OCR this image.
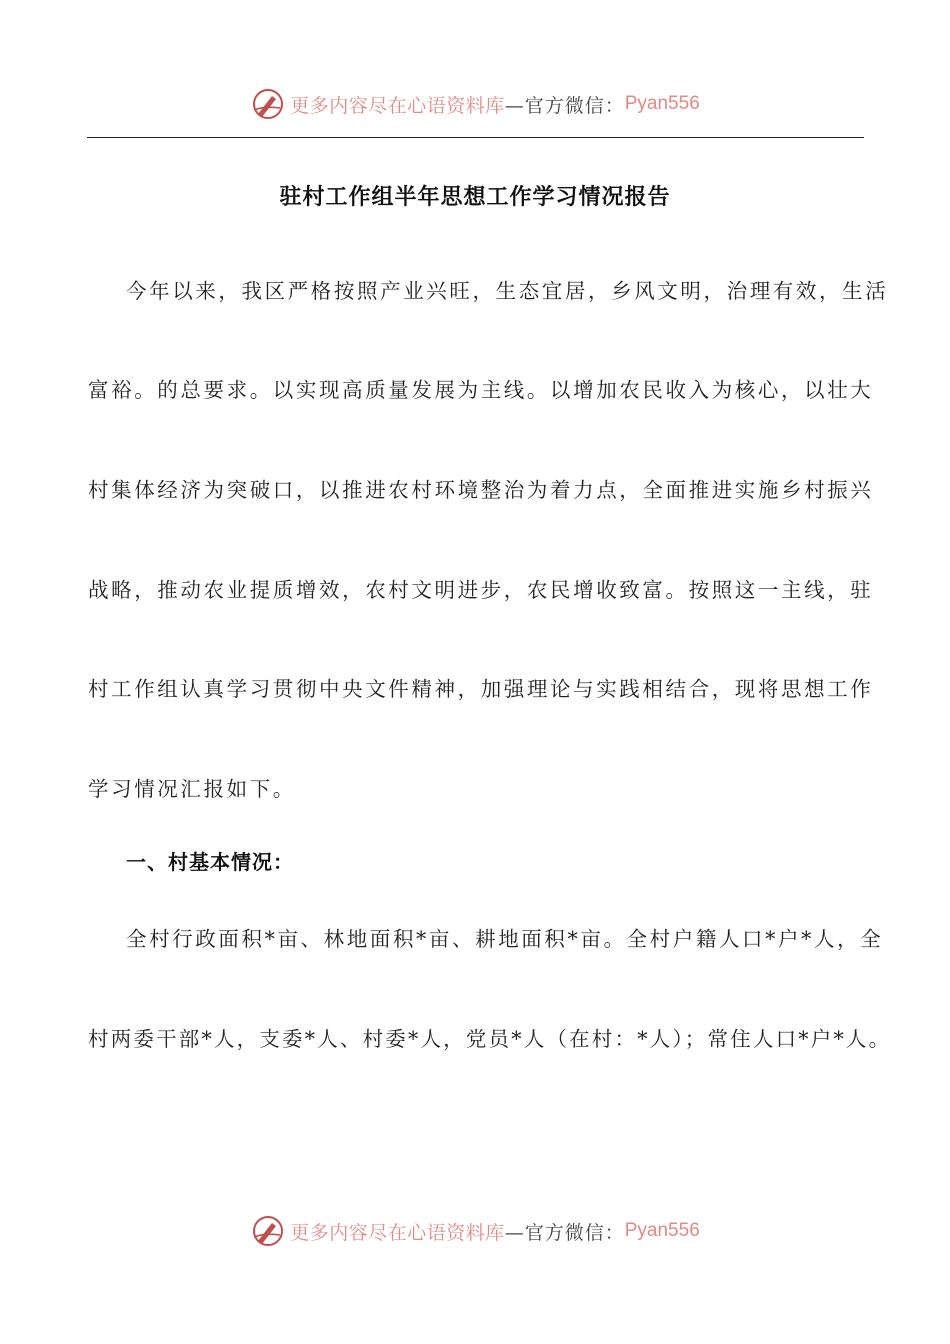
更多内容尽在心语资料库 —官方微信： Pyan556
驻村工作组半年思想工作学习情况报告
今年以来，我区严格按照产业兴旺，生态宜居，乡风文明，治理有效，生活
富裕。的总要求。以实现高质量发展为主线。以增加农民收入为核心，以壮大
村集体经济为突破口，以推进农村环境整治为着力点，全面推进实施乡村振兴
战略，推动农业提质增效，农村文明进步，农民增收致富。按照这一主线，驻
村工作组认真学习贯彻中央文件精神，加强理论与实践相结合，现将思想工作
学习情况汇报如下。
一、村基本情况：
全村行政面积*亩、林地面积*亩、耕地面积*亩。全村户籍人口*户*人，全
村两委干部*人，支委*人、村委*人，党员*人（在村：*人）；常住人口*户*人。
更多内容尽在心语资料库 —官方微信： Pyan556
